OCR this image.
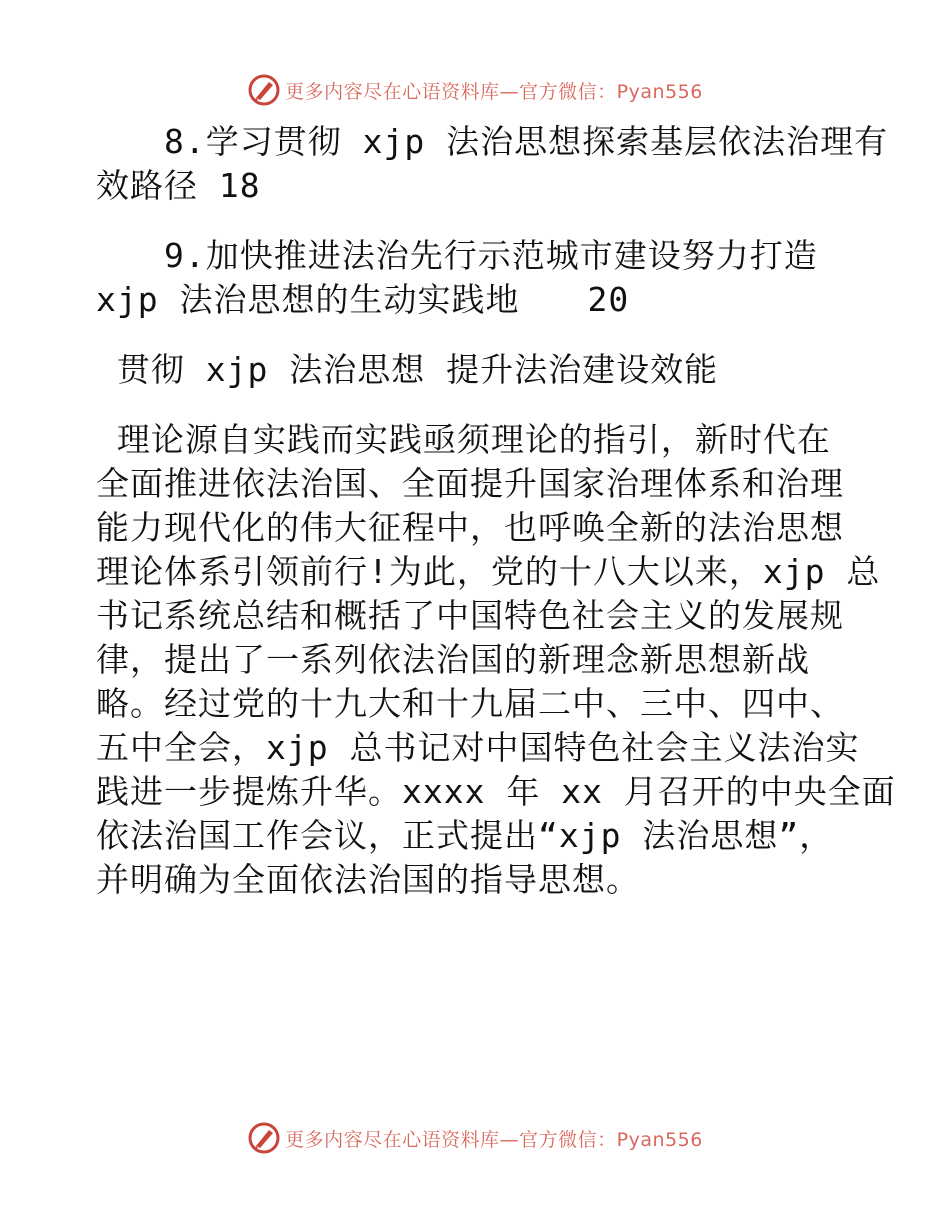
更多内容尽在心语资料库—官方微信：Pyan556

　　8.学习贯彻 xjp 法治思想探索基层依法治理有

效路径 18

　　9.加快推进法治先行示范城市建设努力打造

xjp 法治思想的生动实践地　　20

贯彻 xjp 法治思想 提升法治建设效能

理论源自实践而实践亟须理论的指引，新时代在

全面推进依法治国、全面提升国家治理体系和治理

能力现代化的伟大征程中，也呼唤全新的法治思想

理论体系引领前行!为此，党的十八大以来，xjp 总

书记系统总结和概括了中国特色社会主义的发展规

律，提出了一系列依法治国的新理念新思想新战

略。经过党的十九大和十九届二中、三中、四中、

五中全会，xjp 总书记对中国特色社会主义法治实

践进一步提炼升华。xxxx 年 xx 月召开的中央全面

依法治国工作会议，正式提出“xjp 法治思想”，

并明确为全面依法治国的指导思想。

更多内容尽在心语资料库—官方微信：Pyan556
